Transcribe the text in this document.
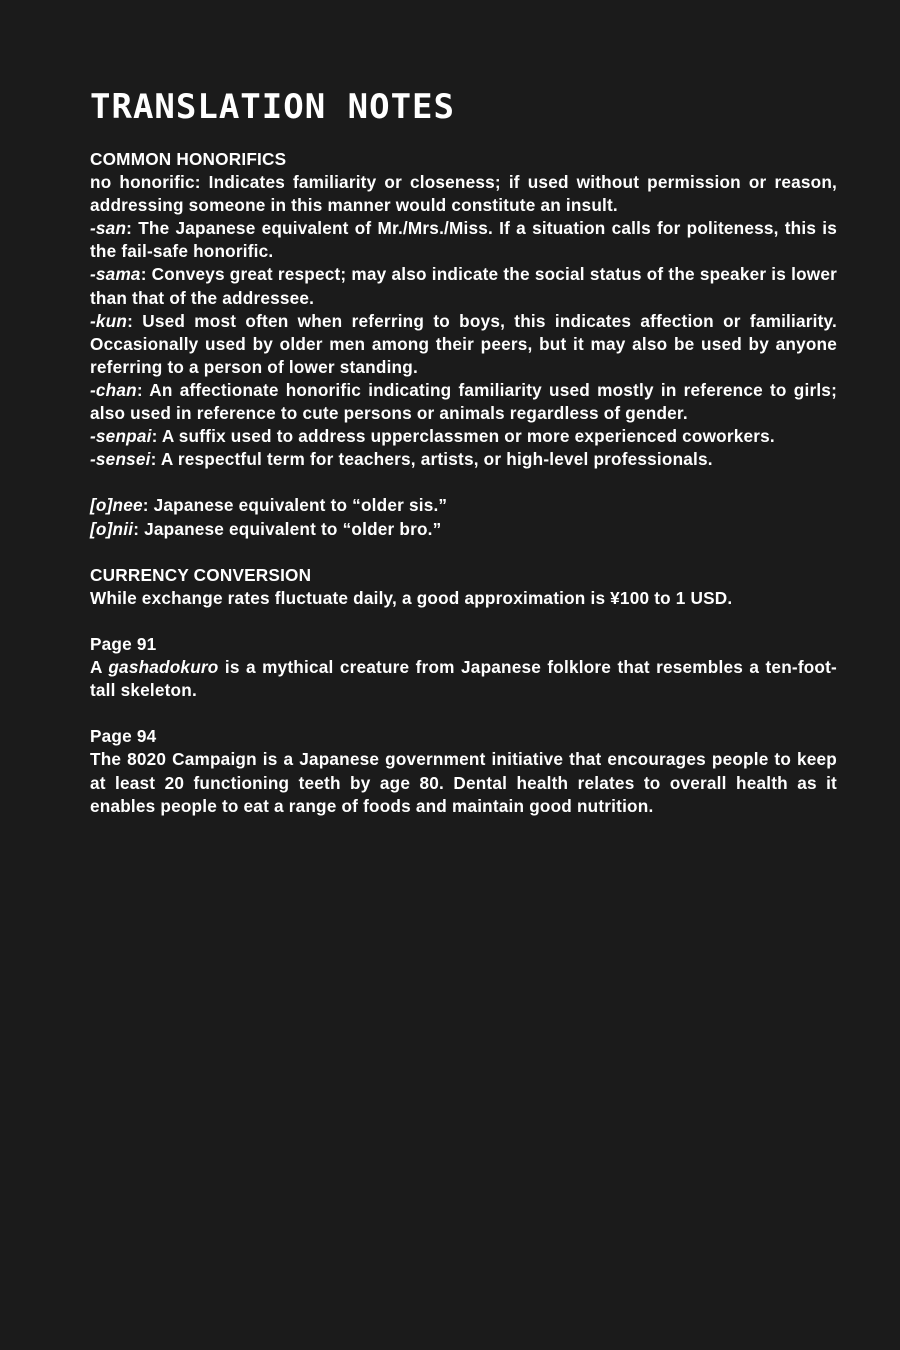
TRANSLATION NOTES

COMMON HONORIFICS

no honorific: Indicates familiarity or closeness; if used without permission or reason, addressing someone in this manner would constitute an insult.

-san: The Japanese equivalent of Mr./Mrs./Miss. If a situation calls for politeness, this is the fail-safe honorific.

-sama: Conveys great respect; may also indicate the social status of the speaker is lower than that of the addressee.

-kun: Used most often when referring to boys, this indicates affection or familiarity. Occasionally used by older men among their peers, but it may also be used by anyone referring to a person of lower standing.

-chan: An affectionate honorific indicating familiarity used mostly in reference to girls; also used in reference to cute persons or animals regardless of gender.

-senpai: A suffix used to address upperclassmen or more experienced coworkers.

-sensei: A respectful term for teachers, artists, or high-level professionals.

[o]nee: Japanese equivalent to “older sis.”

[o]nii: Japanese equivalent to “older bro.”

CURRENCY CONVERSION

While exchange rates fluctuate daily, a good approximation is ¥100 to 1 USD.

Page 91

A gashadokuro is a mythical creature from Japanese folklore that resembles a ten-foot-tall skeleton.

Page 94

The 8020 Campaign is a Japanese government initiative that encourages people to keep at least 20 functioning teeth by age 80. Dental health relates to overall health as it enables people to eat a range of foods and maintain good nutrition.
